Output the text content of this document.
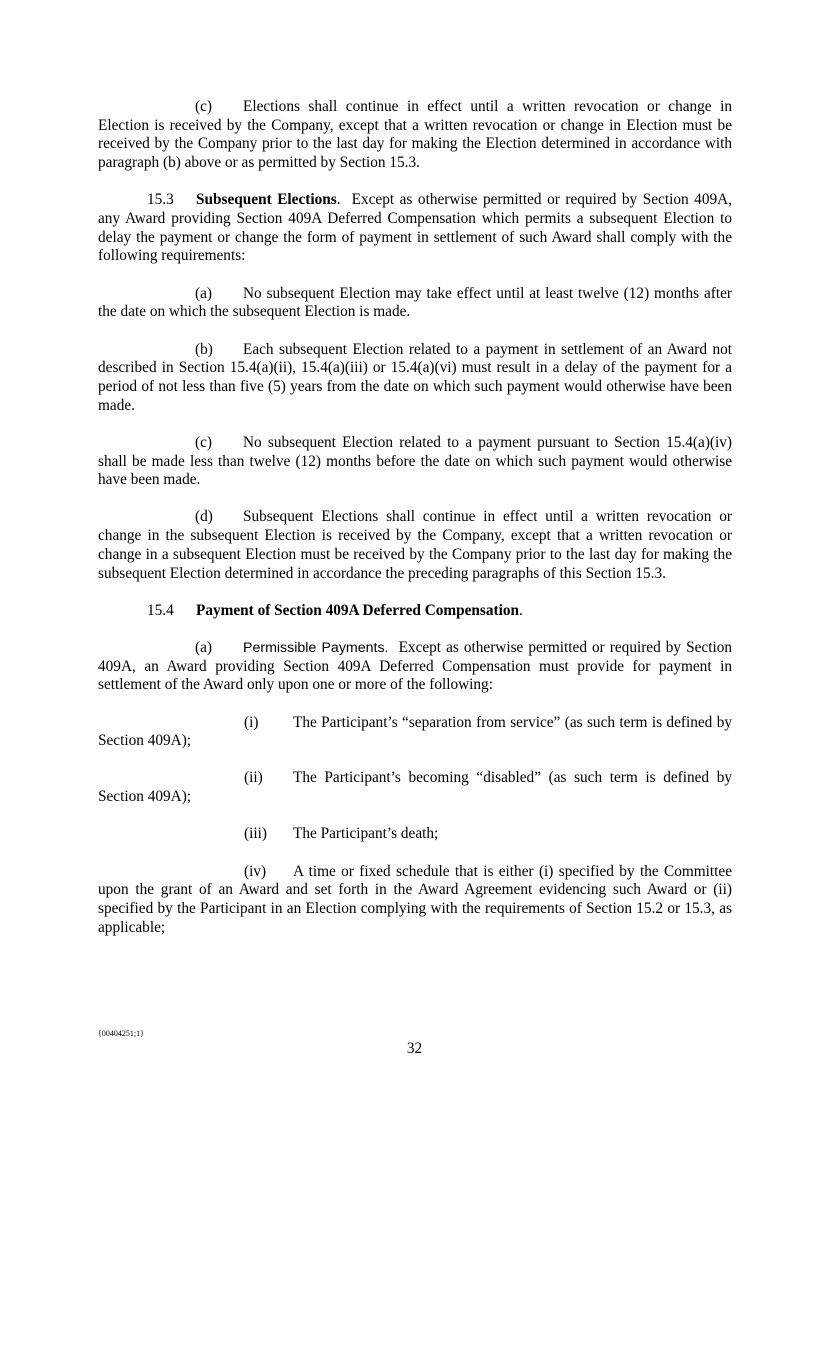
(c) Elections shall continue in effect until a written revocation or change in Election is received by the Company, except that a written revocation or change in Election must be received by the Company prior to the last day for making the Election determined in accordance with paragraph (b) above or as permitted by Section 15.3.

15.3 Subsequent Elections. Except as otherwise permitted or required by Section 409A, any Award providing Section 409A Deferred Compensation which permits a subsequent Election to delay the payment or change the form of payment in settlement of such Award shall comply with the following requirements:

(a) No subsequent Election may take effect until at least twelve (12) months after the date on which the subsequent Election is made.

(b) Each subsequent Election related to a payment in settlement of an Award not described in Section 15.4(a)(ii), 15.4(a)(iii) or 15.4(a)(vi) must result in a delay of the payment for a period of not less than five (5) years from the date on which such payment would otherwise have been made.

(c) No subsequent Election related to a payment pursuant to Section 15.4(a)(iv) shall be made less than twelve (12) months before the date on which such payment would otherwise have been made.

(d) Subsequent Elections shall continue in effect until a written revocation or change in the subsequent Election is received by the Company, except that a written revocation or change in a subsequent Election must be received by the Company prior to the last day for making the subsequent Election determined in accordance the preceding paragraphs of this Section 15.3.

15.4 Payment of Section 409A Deferred Compensation.

(a) Permissible Payments. Except as otherwise permitted or required by Section 409A, an Award providing Section 409A Deferred Compensation must provide for payment in settlement of the Award only upon one or more of the following:

(i) The Participant’s “separation from service” (as such term is defined by Section 409A);

(ii) The Participant’s becoming “disabled” (as such term is defined by Section 409A);

(iii) The Participant’s death;

(iv) A time or fixed schedule that is either (i) specified by the Committee upon the grant of an Award and set forth in the Award Agreement evidencing such Award or (ii) specified by the Participant in an Election complying with the requirements of Section 15.2 or 15.3, as applicable;

{00404251;1}
32
